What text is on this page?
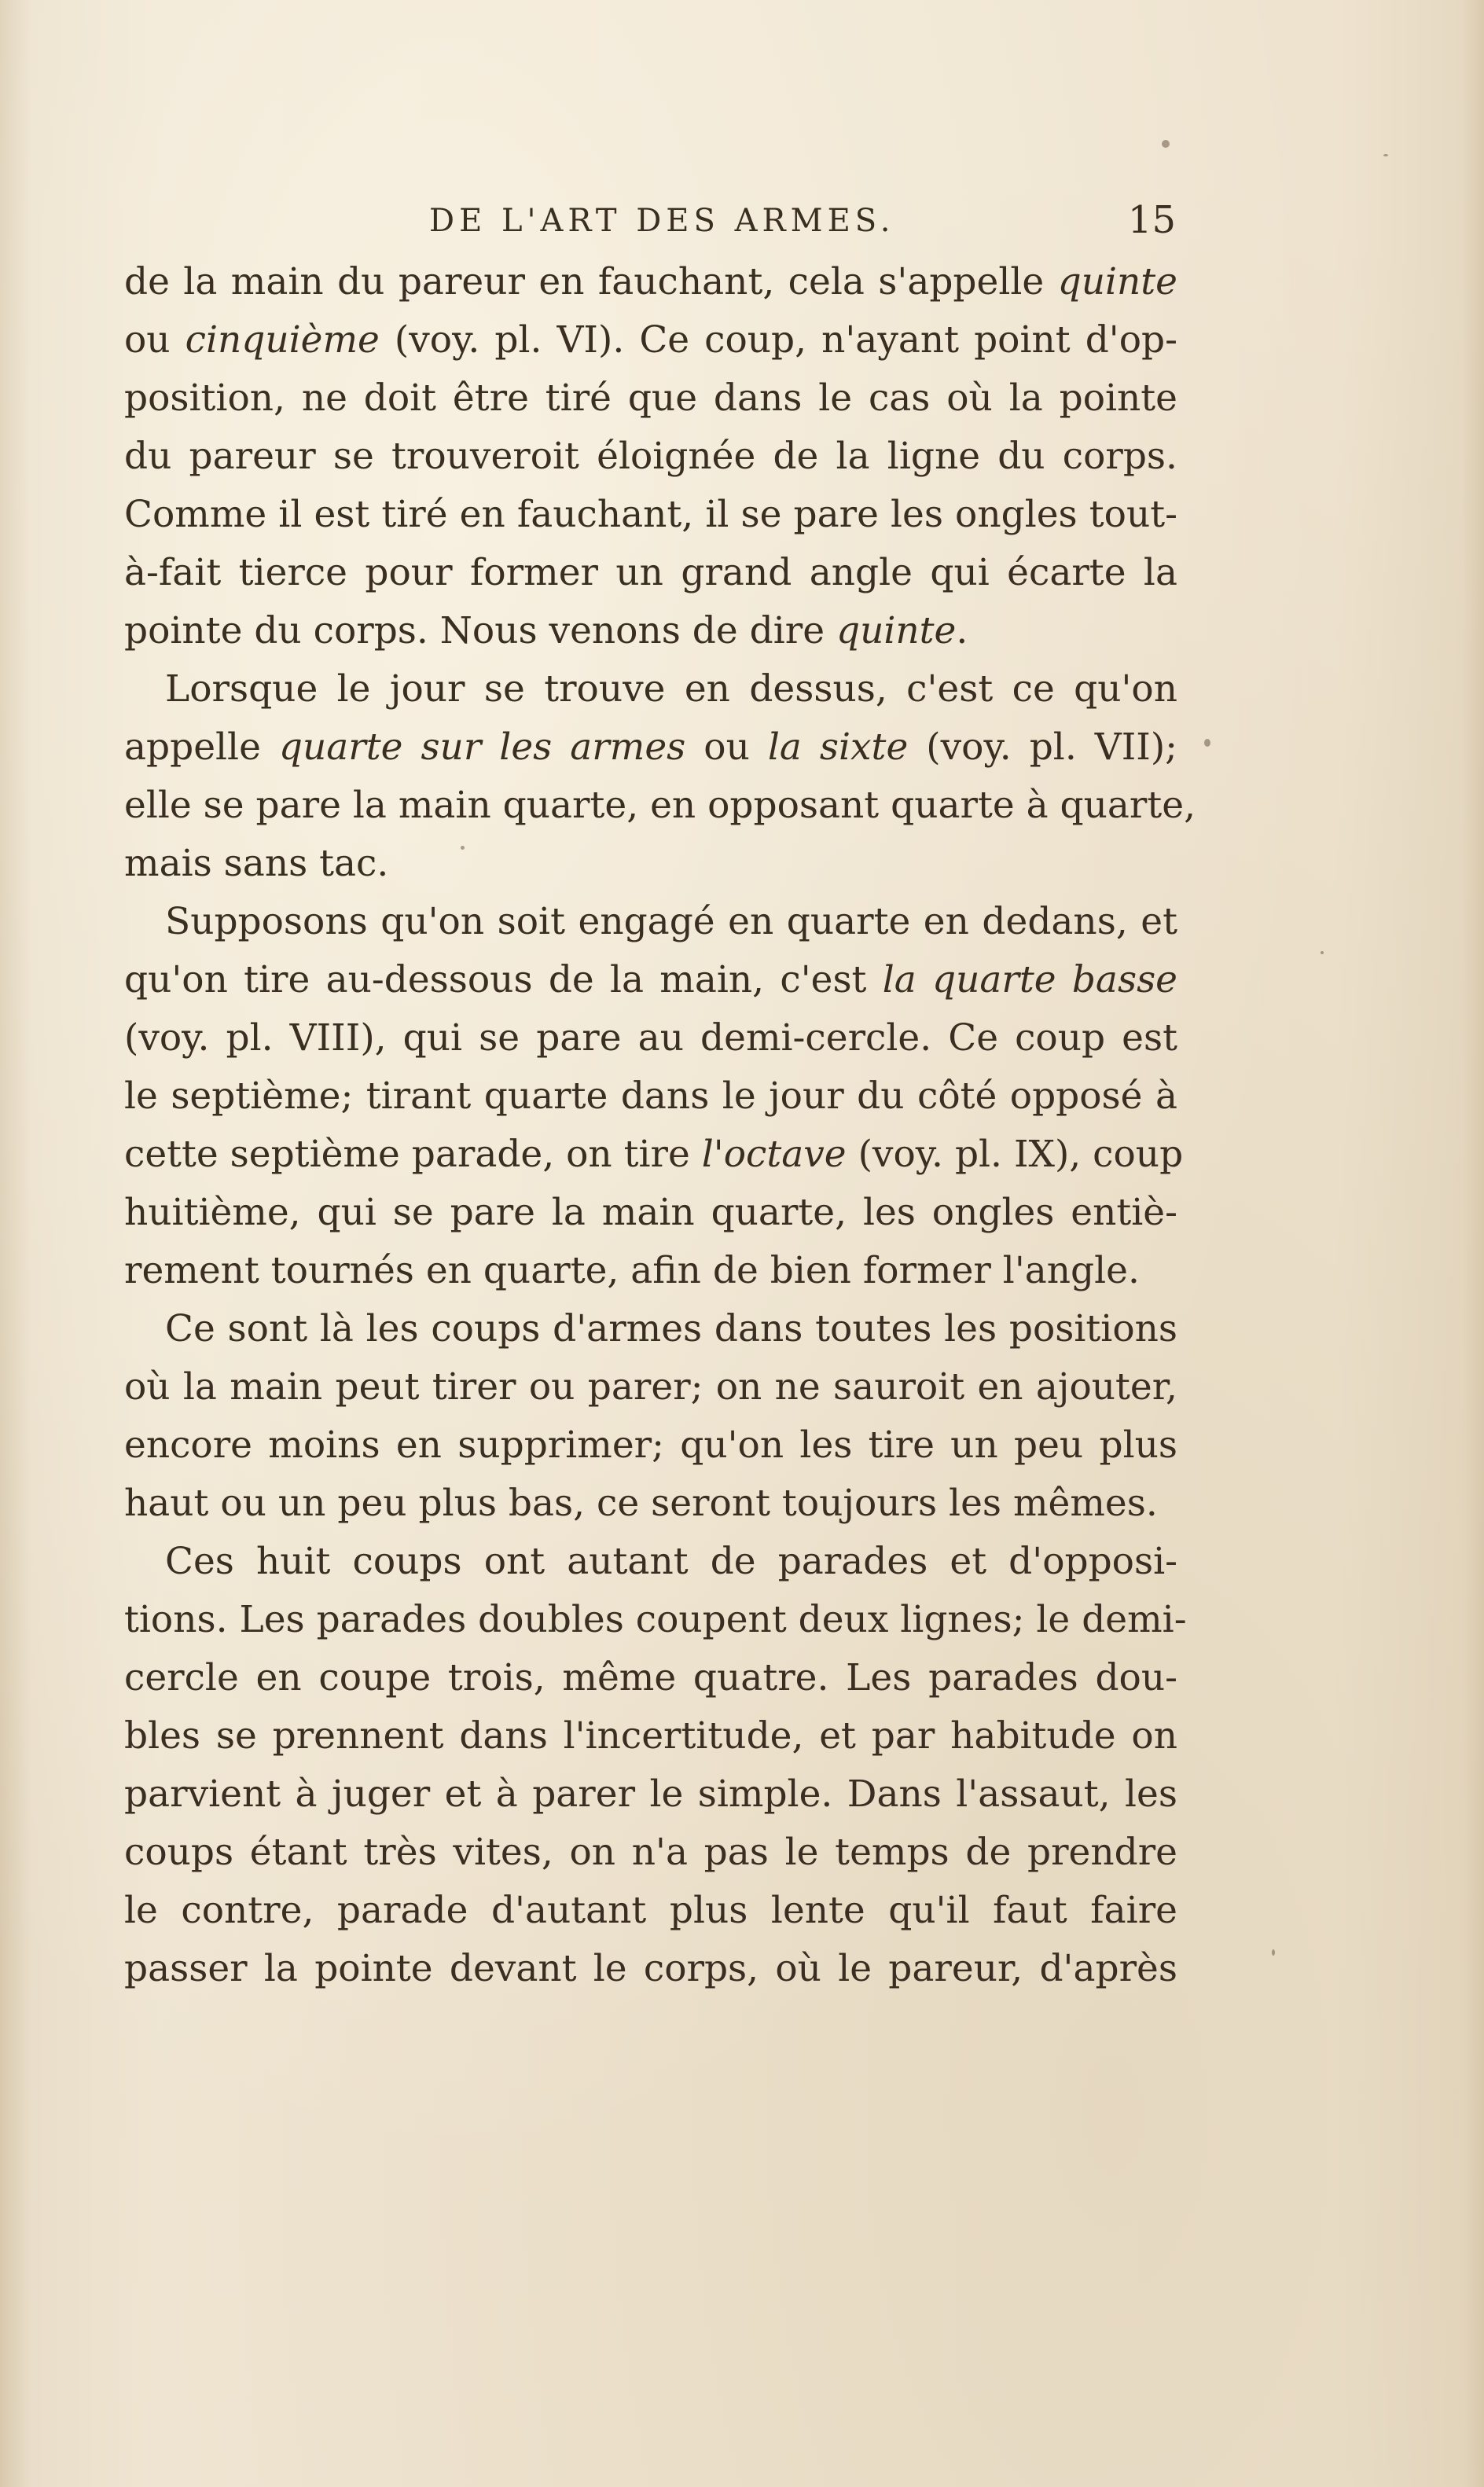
DE L'ART DES ARMES.	15
de la main du pareur en fauchant, cela s'appelle quinte
ou cinquième (voy. pl. VI). Ce coup, n'ayant point d'op-
position, ne doit être tiré que dans le cas où la pointe
du pareur se trouveroit éloignée de la ligne du corps.
Comme il est tiré en fauchant, il se pare les ongles tout-
à-fait tierce pour former un grand angle qui écarte la
pointe du corps. Nous venons de dire quinte.
Lorsque le jour se trouve en dessus, c'est ce qu'on
appelle quarte sur les armes ou la sixte (voy. pl. VII);
elle se pare la main quarte, en opposant quarte à quarte,
mais sans tac.
Supposons qu'on soit engagé en quarte en dedans, et
qu'on tire au-dessous de la main, c'est la quarte basse
(voy. pl. VIII), qui se pare au demi-cercle. Ce coup est
le septième; tirant quarte dans le jour du côté opposé à
cette septième parade, on tire l'octave (voy. pl. IX), coup
huitième, qui se pare la main quarte, les ongles entiè-
rement tournés en quarte, afin de bien former l'angle.
Ce sont là les coups d'armes dans toutes les positions
où la main peut tirer ou parer; on ne sauroit en ajouter,
encore moins en supprimer; qu'on les tire un peu plus
haut ou un peu plus bas, ce seront toujours les mêmes.
Ces huit coups ont autant de parades et d'opposi-
tions. Les parades doubles coupent deux lignes; le demi-
cercle en coupe trois, même quatre. Les parades dou-
bles se prennent dans l'incertitude, et par habitude on
parvient à juger et à parer le simple. Dans l'assaut, les
coups étant très vites, on n'a pas le temps de prendre
le contre, parade d'autant plus lente qu'il faut faire
passer la pointe devant le corps, où le pareur, d'après
